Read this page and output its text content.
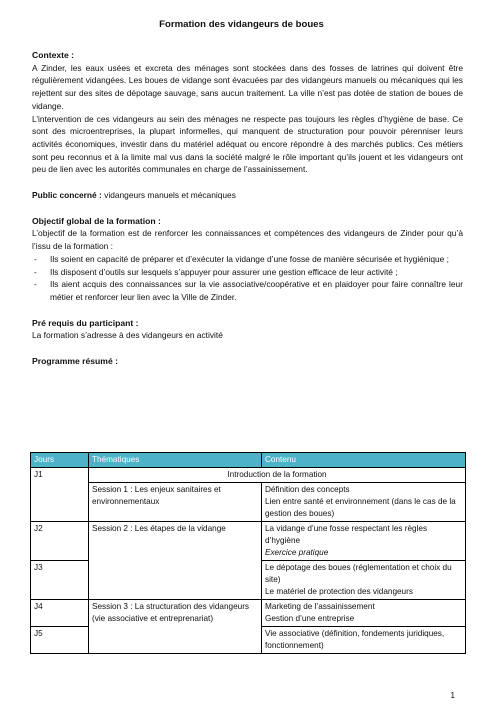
Formation des vidangeurs de boues
Contexte :

A Zinder, les eaux usées et excreta des ménages sont stockées dans des fosses de latrines qui doivent être régulièrement vidangées. Les boues de vidange sont évacuées par des vidangeurs manuels ou mécaniques qui les rejettent sur des sites de dépotage sauvage, sans aucun traitement. La ville n’est pas dotée de station de boues de vidange.

L’intervention de ces vidangeurs au sein des ménages ne respecte pas toujours les règles d’hygiène de base. Ce sont des microentreprises, la plupart informelles, qui manquent de structuration pour pouvoir pérenniser leurs activités économiques, investir dans du matériel adéquat ou encore répondre à des marchés publics. Ces métiers sont peu reconnus et à la limite mal vus dans la société malgré le rôle important qu’ils jouent et les vidangeurs ont peu de lien avec les autorités communales en charge de l’assainissement.

Public concerné : vidangeurs manuels et mécaniques

Objectif global de la formation :

L’objectif de la formation est de renforcer les connaissances et compétences des vidangeurs de Zinder pour qu’à l’issu de la formation :

- Ils soient en capacité de préparer et d’exécuter la vidange d’une fosse de manière sécurisée et hygiénique ;
- Ils disposent d’outils sur lesquels s’appuyer pour assurer une gestion efficace de leur activité ;
- Ils aient acquis des connaissances sur la vie associative/coopérative et en plaidoyer pour faire connaître leur métier et renforcer leur lien avec la Ville de Zinder.
Pré requis du participant :

La formation s’adresse à des vidangeurs en activité

Programme résumé :
Jours	Thématiques	Contenu
J1	Introduction de la formation	
	Session 1 : Les enjeux sanitaires et environnementaux	Définition des concepts
Lien entre santé et environnement (dans le cas de la gestion des boues)

J2	Session 2 : Les étapes de la vidange	La vidange d’une fosse respectant les règles d’hygiène
Exercice pratique

J3		Le dépotage des boues (réglementation et choix du site)
Le matériel de protection des vidangeurs

J4	Session 3 : La structuration des vidangeurs (vie associative et entreprenariat)	Marketing de l’assainissement
Gestion d’une entreprise

J5		Vie associative (définition, fondements juridiques, fonctionnement)
1
